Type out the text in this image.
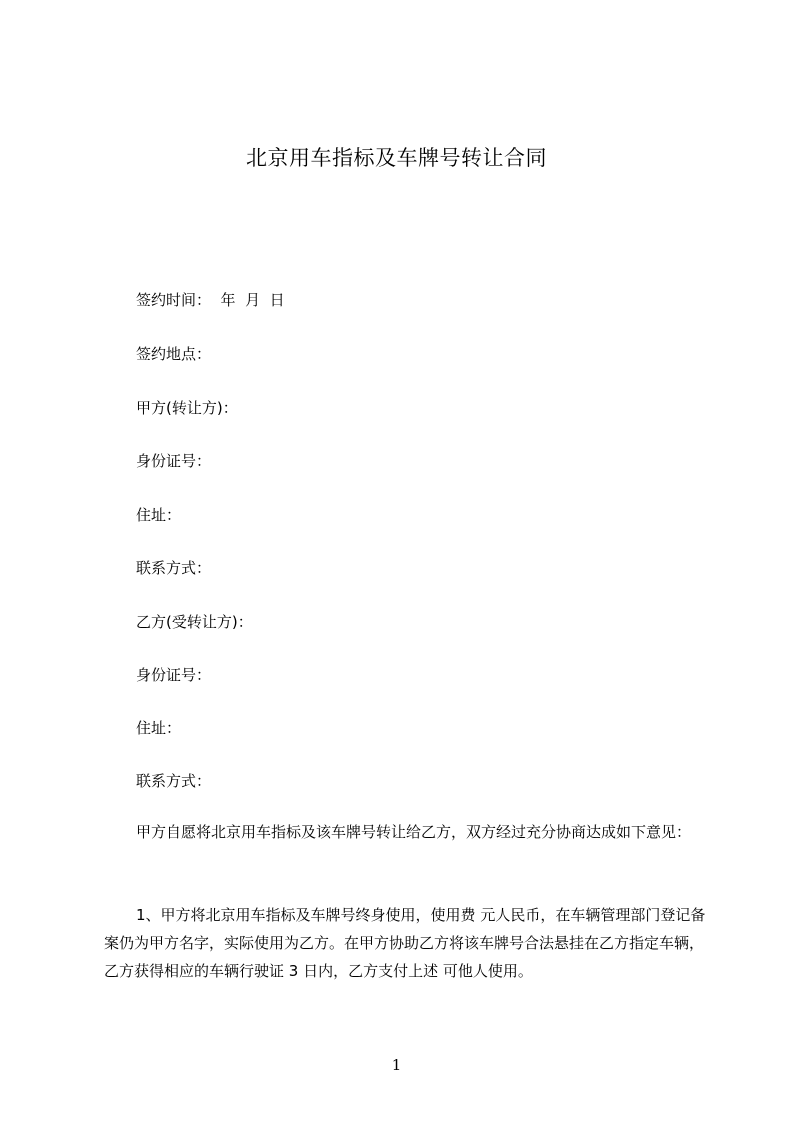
北京用车指标及车牌号转让合同

签约时间：  年  月  日

签约地点：

甲方(转让方)：

身份证号：

住址：

联系方式：

乙方(受转让方)：

身份证号：

住址：

联系方式：

甲方自愿将北京用车指标及该车牌号转让给乙方，双方经过充分协商达成如下意见：

1、甲方将北京用车指标及车牌号终身使用，使用费 元人民币，在车辆管理部门登记备案仍为甲方名字，实际使用为乙方。在甲方协助乙方将该车牌号合法悬挂在乙方指定车辆，乙方获得相应的车辆行驶证 3 日内，乙方支付上述 可他人使用。

1
